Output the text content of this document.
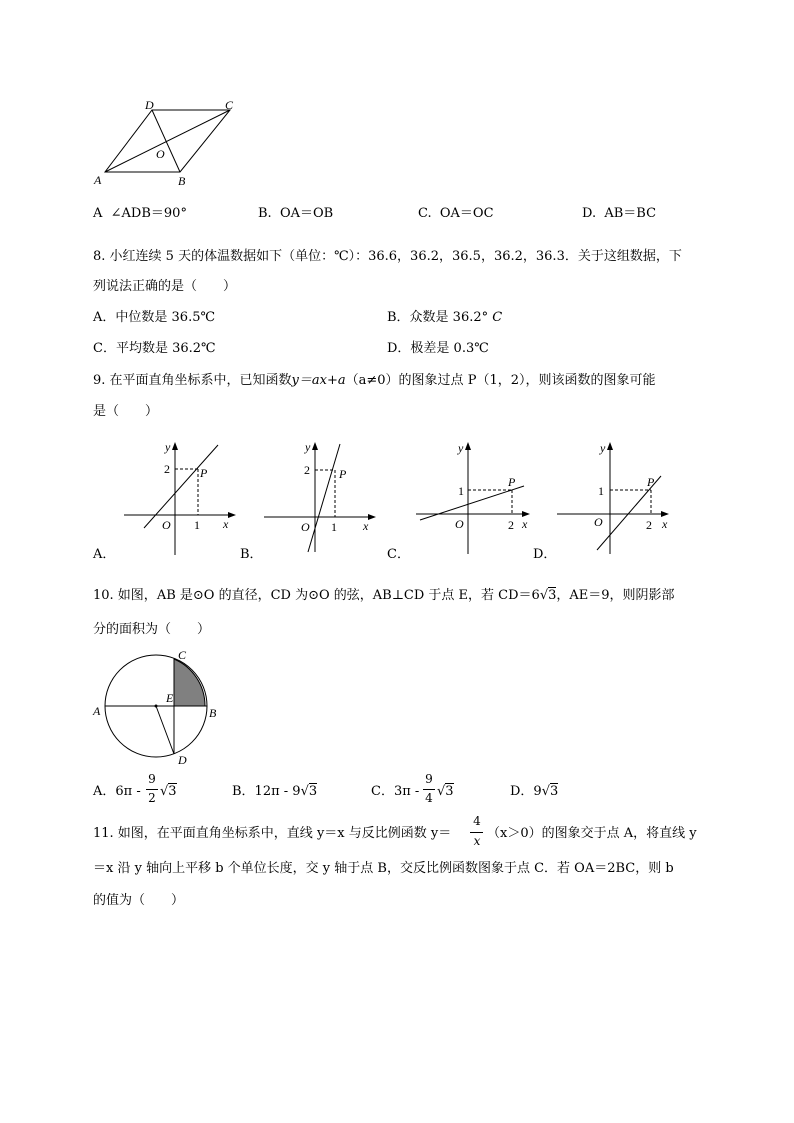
D	C
O
A	B
A ∠ADB＝90°	B. OA＝OB	C. OA＝OC	D. AB＝BC
8. 小红连续 5 天的体温数据如下（单位：℃）：36.6，36.2，36.5，36.2，36.3．关于这组数据，下
列说法正确的是（　　）
A．中位数是 36.5℃	B．众数是 36.2° C
C．平均数是 36.2℃	D．极差是 0.3℃
9. 在平面直角坐标系中，已知函数y＝ax+a（a≠0）的图象过点 P（1，2），则该函数的图象可能
是（　　）
y
x
O
P
2
1
A．
y
x
O
P
2
1
B．
y
x
O
P
1
2
C．
y
x
O
P
1
2
D．
10. 如图，AB 是⊙O 的直径，CD 为⊙O 的弦，AB⊥CD 于点 E，若 CD＝6√3，AE＝9，则阴影部
分的面积为（　　）
C
E
A	B
D
A．6π -
9
2 √3	B．12π - 9√3	C．3π -
9
4 √3	D．9√3
11. 如图，在平面直角坐标系中，直线 y＝x 与反比例函数 y＝
4
x （x＞0）的图象交于点 A，将直线 y
＝x 沿 y 轴向上平移 b 个单位长度，交 y 轴于点 B，交反比例函数图象于点 C．若 OA＝2BC，则 b
的值为（　　）
